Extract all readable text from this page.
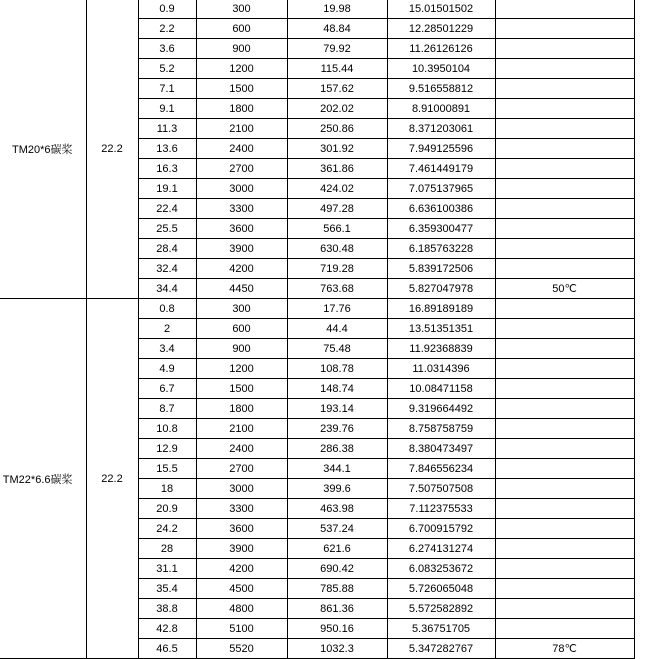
TM20*6碳桨	22.2	0.9	300	19.98	15.01501502	
		2.2	600	48.84	12.28501229	
		3.6	900	79.92	11.26126126	
		5.2	1200	115.44	10.3950104	
		7.1	1500	157.62	9.516558812	
		9.1	1800	202.02	8.91000891	
		11.3	2100	250.86	8.371203061	
		13.6	2400	301.92	7.949125596	
		16.3	2700	361.86	7.461449179	
		19.1	3000	424.02	7.075137965	
		22.4	3300	497.28	6.636100386	
		25.5	3600	566.1	6.359300477	
		28.4	3900	630.48	6.185763228	
		32.4	4200	719.28	5.839172506	
		34.4	4450	763.68	5.827047978	50℃
TM22*6.6碳桨	22.2	0.8	300	17.76	16.89189189	
		2	600	44.4	13.51351351	
		3.4	900	75.48	11.92368839	
		4.9	1200	108.78	11.0314396	
		6.7	1500	148.74	10.08471158	
		8.7	1800	193.14	9.319664492	
		10.8	2100	239.76	8.758758759	
		12.9	2400	286.38	8.380473497	
		15.5	2700	344.1	7.846556234	
		18	3000	399.6	7.507507508	
		20.9	3300	463.98	7.112375533	
		24.2	3600	537.24	6.700915792	
		28	3900	621.6	6.274131274	
		31.1	4200	690.42	6.083253672	
		35.4	4500	785.88	5.726065048	
		38.8	4800	861.36	5.572582892	
		42.8	5100	950.16	5.36751705	
		46.5	5520	1032.3	5.347282767	78℃
